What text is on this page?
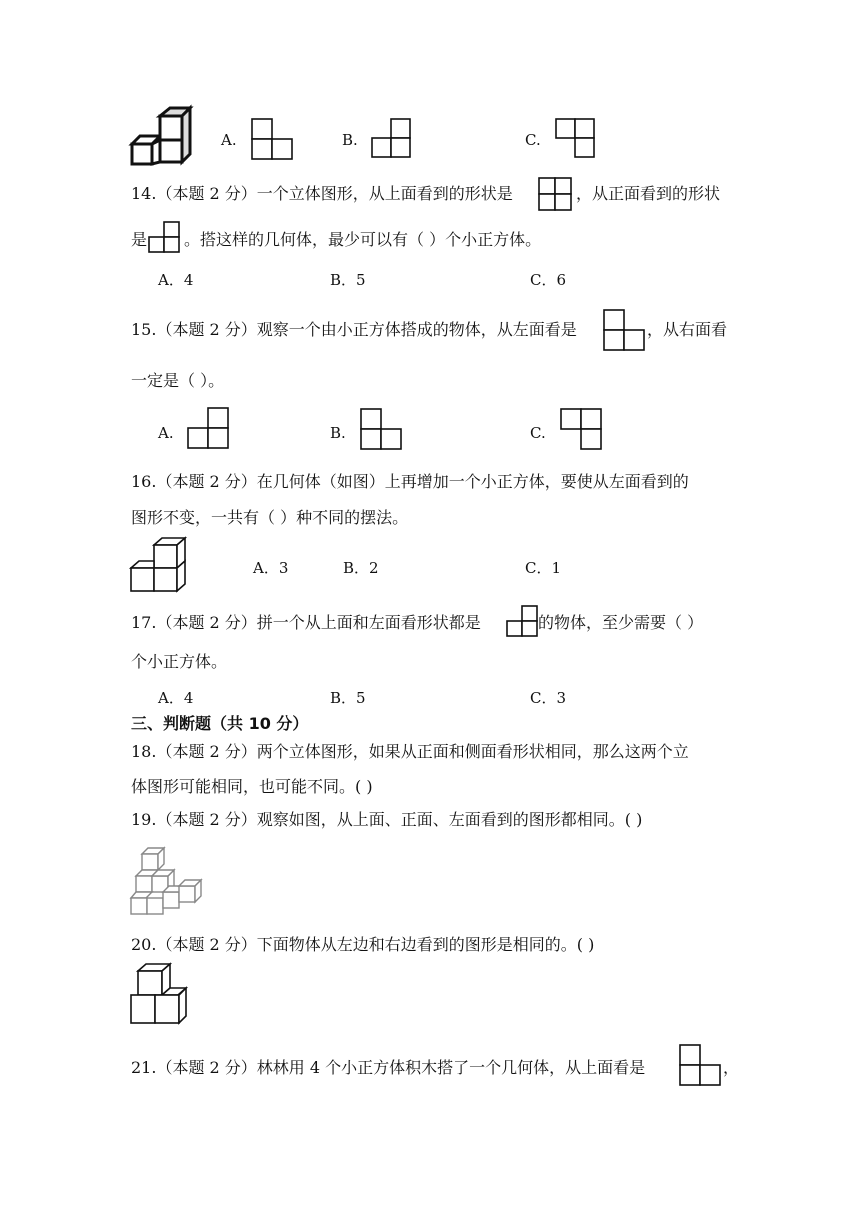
A.	B.	C.
14.（本题 2 分）一个立体图形，从上面看到的形状是	，从正面看到的形状
是 。搭这样的几何体，最少可以有（ ）个小正方体。
A．4	B．5	C．6
15.（本题 2 分）观察一个由小正方体搭成的物体，从左面看是	，从右面看
一定是（ ）。
A.	B.	C.
16.（本题 2 分）在几何体（如图）上再增加一个小正方体，要使从左面看到的
图形不变，一共有（ ）种不同的摆法。
A．3	B．2	C．1
17.（本题 2 分）拼一个从上面和左面看形状都是	的物体，至少需要（ ）
个小正方体。
A．4	B．5	C．3
三、判断题（共 10 分）
18.（本题 2 分）两个立体图形，如果从正面和侧面看形状相同，那么这两个立
体图形可能相同，也可能不同。( )
19.（本题 2 分）观察如图，从上面、正面、左面看到的图形都相同。( )
20.（本题 2 分）下面物体从左边和右边看到的图形是相同的。( )
21.（本题 2 分）林林用 4 个小正方体积木搭了一个几何体，从上面看是	，
